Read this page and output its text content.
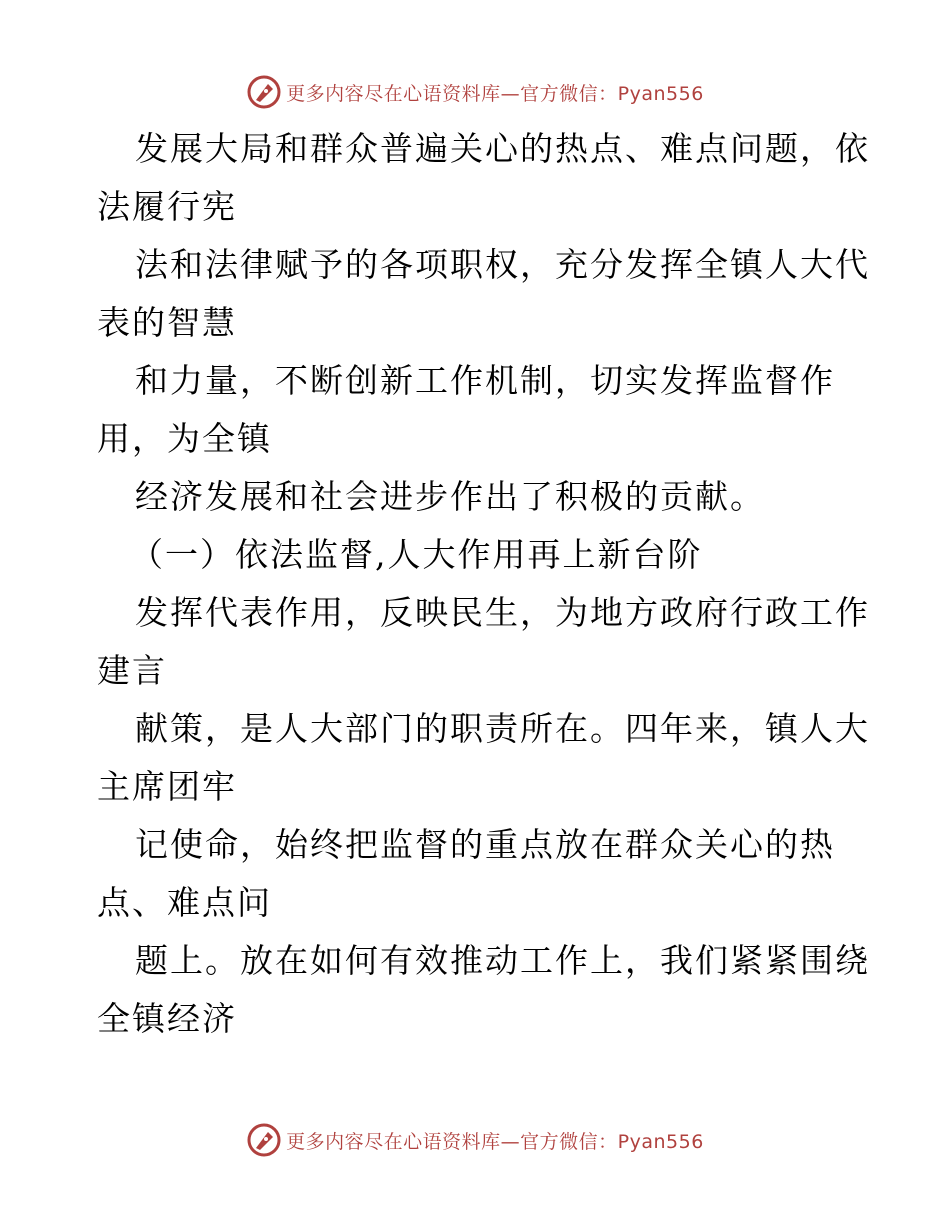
更多内容尽在心语资料库—官方微信：Pyan556
发展大局和群众普遍关心的热点、难点问题，依
法履行宪
法和法律赋予的各项职权，充分发挥全镇人大代
表的智慧
和力量，不断创新工作机制，切实发挥监督作
用，为全镇
经济发展和社会进步作出了积极的贡献。
（一）依法监督,人大作用再上新台阶
发挥代表作用，反映民生，为地方政府行政工作
建言
献策，是人大部门的职责所在。四年来，镇人大
主席团牢
记使命，始终把监督的重点放在群众关心的热
点、难点问
题上。放在如何有效推动工作上，我们紧紧围绕
全镇经济
更多内容尽在心语资料库—官方微信：Pyan556
